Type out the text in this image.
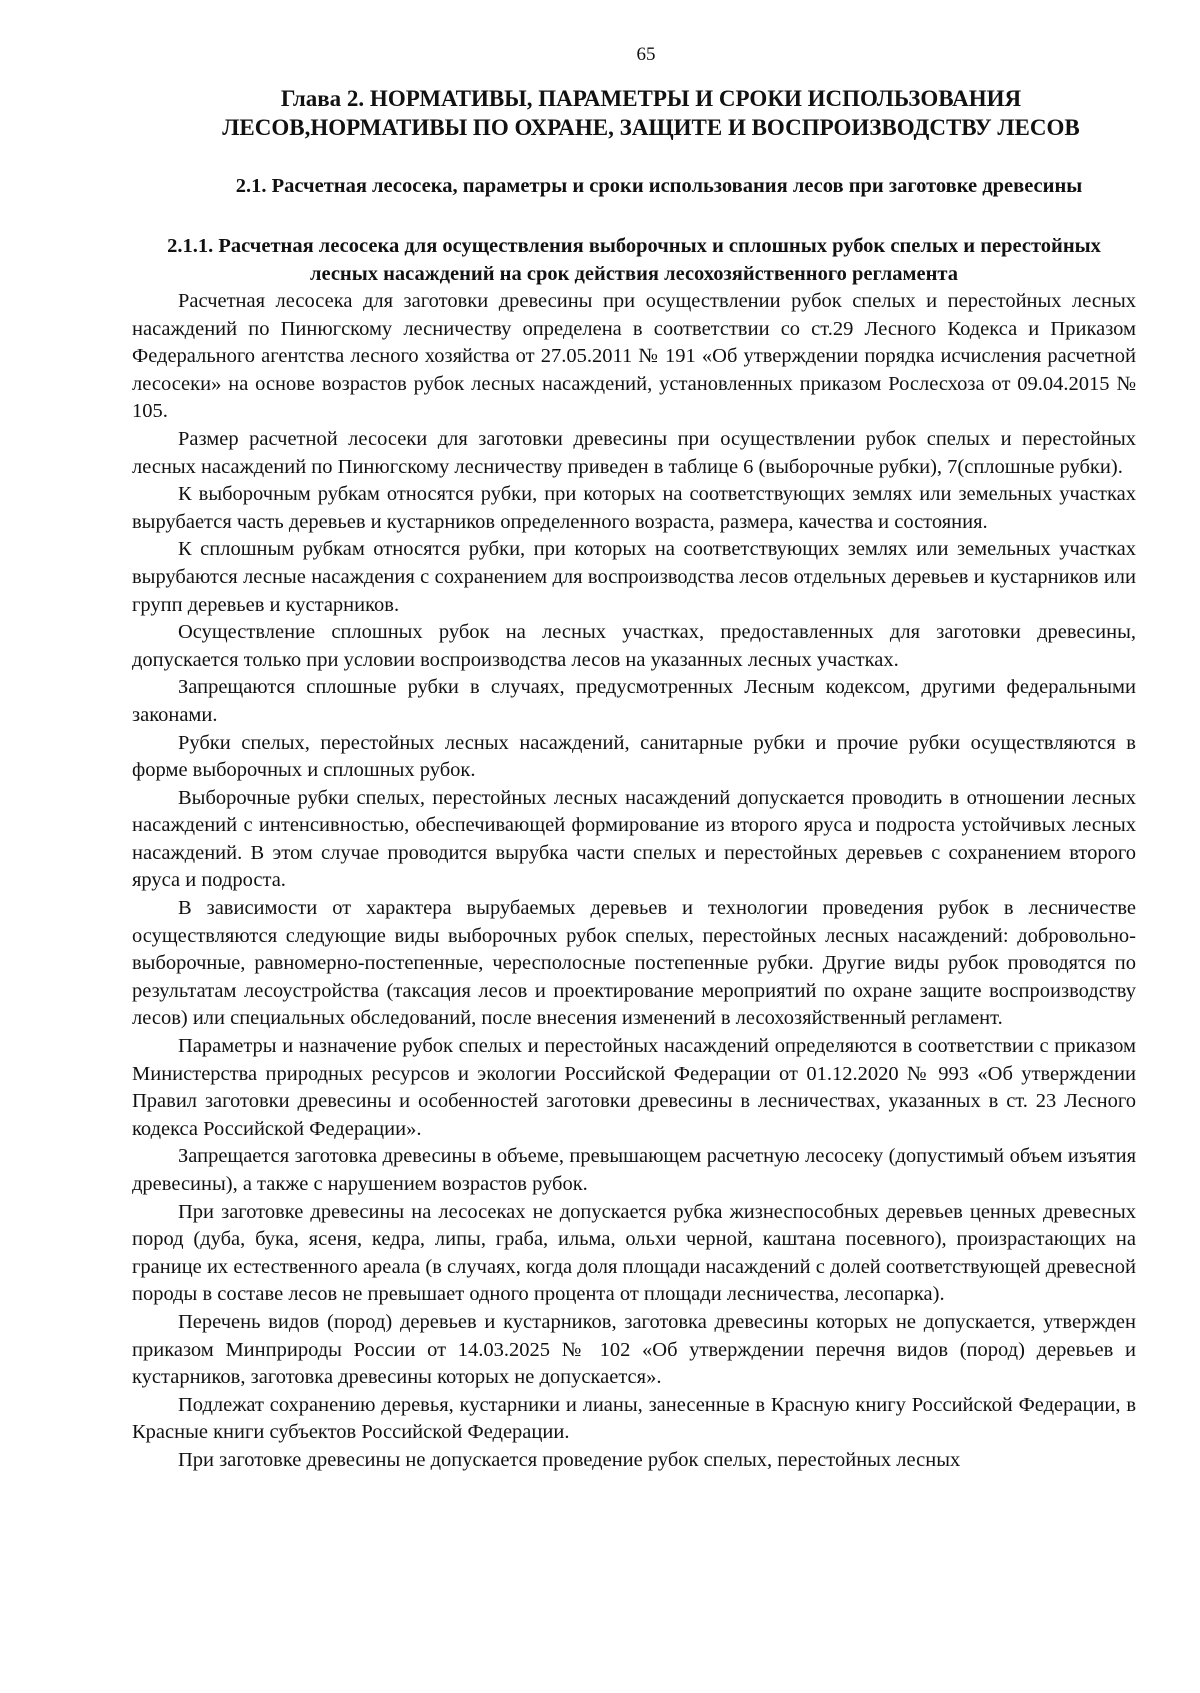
65
Глава 2. НОРМАТИВЫ, ПАРАМЕТРЫ И СРОКИ ИСПОЛЬЗОВАНИЯ
ЛЕСОВ,НОРМАТИВЫ ПО ОХРАНЕ, ЗАЩИТЕ И ВОСПРОИЗВОДСТВУ ЛЕСОВ
2.1. Расчетная лесосека, параметры и сроки использования лесов при заготовке древесины
2.1.1. Расчетная лесосека для осуществления выборочных и сплошных рубок спелых и перестойных лесных насаждений на срок действия лесохозяйственного регламента

Расчетная лесосека для заготовки древесины при осуществлении рубок спелых и перестойных лесных насаждений по Пинюгскому лесничеству определена в соответствии со ст.29 Лесного Кодекса и Приказом Федерального агентства лесного хозяйства от 27.05.2011 № 191 «Об утверждении порядка исчисления расчетной лесосеки» на основе возрастов рубок лесных насаждений, установленных приказом Рослесхоза от 09.04.2015 № 105.

Размер расчетной лесосеки для заготовки древесины при осуществлении рубок спелых и перестойных лесных насаждений по Пинюгскому лесничеству приведен в таблице 6 (выборочные рубки), 7(сплошные рубки).

К выборочным рубкам относятся рубки, при которых на соответствующих землях или земельных участках вырубается часть деревьев и кустарников определенного возраста, размера, качества и состояния.

К сплошным рубкам относятся рубки, при которых на соответствующих землях или земельных участках вырубаются лесные насаждения с сохранением для воспроизводства лесов отдельных деревьев и кустарников или групп деревьев и кустарников.

Осуществление сплошных рубок на лесных участках, предоставленных для заготовки древесины, допускается только при условии воспроизводства лесов на указанных лесных участках.

Запрещаются сплошные рубки в случаях, предусмотренных Лесным кодексом, другими федеральными законами.

Рубки спелых, перестойных лесных насаждений, санитарные рубки и прочие рубки осуществляются в форме выборочных и сплошных рубок.

Выборочные рубки спелых, перестойных лесных насаждений допускается проводить в отношении лесных насаждений с интенсивностью, обеспечивающей формирование из второго яруса и подроста устойчивых лесных насаждений. В этом случае проводится вырубка части спелых и перестойных деревьев с сохранением второго яруса и подроста.

В зависимости от характера вырубаемых деревьев и технологии проведения рубок в лесничестве осуществляются следующие виды выборочных рубок спелых, перестойных лесных насаждений: добровольно-выборочные, равномерно-постепенные, чересполосные постепенные рубки. Другие виды рубок проводятся по результатам лесоустройства (таксация лесов и проектирование мероприятий по охране защите воспроизводству лесов) или специальных обследований, после внесения изменений в лесохозяйственный регламент.

Параметры и назначение рубок спелых и перестойных насаждений определяются в соответствии с приказом Министерства природных ресурсов и экологии Российской Федерации от 01.12.2020 № 993 «Об утверждении Правил заготовки древесины и особенностей заготовки древесины в лесничествах, указанных в ст. 23 Лесного кодекса Российской Федерации».

Запрещается заготовка древесины в объеме, превышающем расчетную лесосеку (допустимый объем изъятия древесины), а также с нарушением возрастов рубок.

При заготовке древесины на лесосеках не допускается рубка жизнеспособных деревьев ценных древесных пород (дуба, бука, ясеня, кедра, липы, граба, ильма, ольхи черной, каштана посевного), произрастающих на границе их естественного ареала (в случаях, когда доля площади насаждений с долей соответствующей древесной породы в составе лесов не превышает одного процента от площади лесничества, лесопарка).

Перечень видов (пород) деревьев и кустарников, заготовка древесины которых не допускается, утвержден приказом Минприроды России от 14.03.2025 № 102 «Об утверждении перечня видов (пород) деревьев и кустарников, заготовка древесины которых не допускается».

Подлежат сохранению деревья, кустарники и лианы, занесенные в Красную книгу Российской Федерации, в Красные книги субъектов Российской Федерации.

При заготовке древесины не допускается проведение рубок спелых, перестойных лесных
